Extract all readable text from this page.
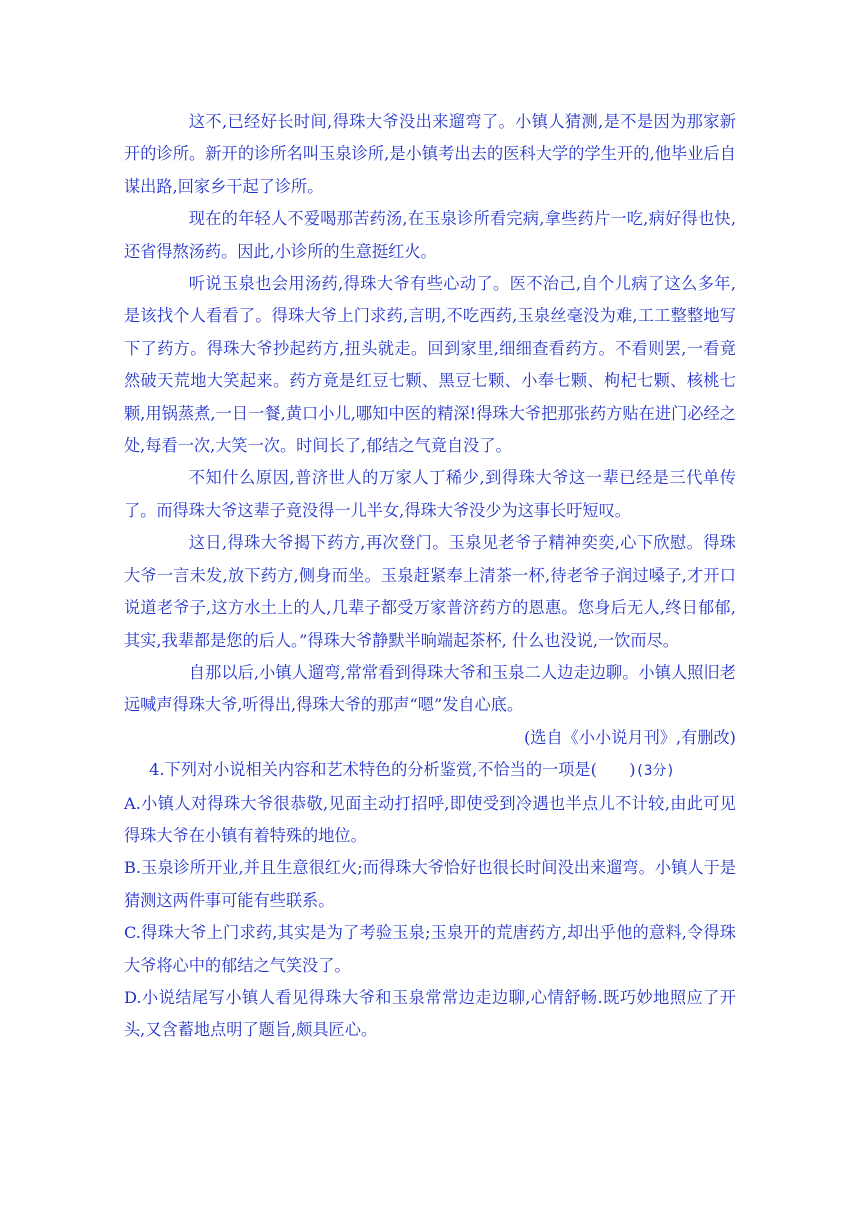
这不,已经好长时间,得珠大爷没出来遛弯了。小镇人猜测,是不是因为那家新开的诊所。新开的诊所名叫玉泉诊所,是小镇考出去的医科大学的学生开的,他毕业后自谋出路,回家乡干起了诊所。

现在的年轻人不爱喝那苦药汤,在玉泉诊所看完病,拿些药片一吃,病好得也快,还省得熬汤药。因此,小诊所的生意挺红火。

听说玉泉也会用汤药,得珠大爷有些心动了。医不治己,自个儿病了这么多年,是该找个人看看了。得珠大爷上门求药,言明,不吃西药,玉泉丝毫没为难,工工整整地写下了药方。得珠大爷抄起药方,扭头就走。回到家里,细细查看药方。不看则罢,一看竟然破天荒地大笑起来。药方竟是红豆七颗、黑豆七颗、小奉七颗、枸杞七颗、核桃七颗,用锅蒸煮,一日一餐,黄口小儿,哪知中医的精深!得珠大爷把那张药方贴在进门必经之处,每看一次,大笑一次。时间长了,郁结之气竟自没了。

不知什么原因,普济世人的万家人丁稀少,到得珠大爷这一辈已经是三代单传了。而得珠大爷这辈子竟没得一儿半女,得珠大爷没少为这事长吁短叹。

这日,得珠大爷揭下药方,再次登门。玉泉见老爷子精神奕奕,心下欣慰。得珠大爷一言未发,放下药方,侧身而坐。玉泉赶紧奉上清茶一杯,待老爷子润过嗓子,才开口说道老爷子,这方水土上的人,几辈子都受万家普济药方的恩惠。您身后无人,终日郁郁,其实,我辈都是您的后人。”得珠大爷静默半晌端起茶杯, 什么也没说,一饮而尽。

自那以后,小镇人遛弯,常常看到得珠大爷和玉泉二人边走边聊。小镇人照旧老远喊声得珠大爷,听得出,得珠大爷的那声“嗯”发自心底。

(选自《小小说月刊》,有删改)

4.下列对小说相关内容和艺术特色的分析鉴赏,不恰当的一项是(　　)(3分)

A.小镇人对得珠大爷很恭敬,见面主动打招呼,即使受到冷遇也半点儿不计较,由此可见得珠大爷在小镇有着特殊的地位。

B.玉泉诊所开业,并且生意很红火;而得珠大爷恰好也很长时间没出来遛弯。小镇人于是猜测这两件事可能有些联系。

C.得珠大爷上门求药,其实是为了考验玉泉;玉泉开的荒唐药方,却出乎他的意料,令得珠大爷将心中的郁结之气笑没了。

D.小说结尾写小镇人看见得珠大爷和玉泉常常边走边聊,心情舒畅.既巧妙地照应了开头,又含蓄地点明了题旨,颇具匠心。
